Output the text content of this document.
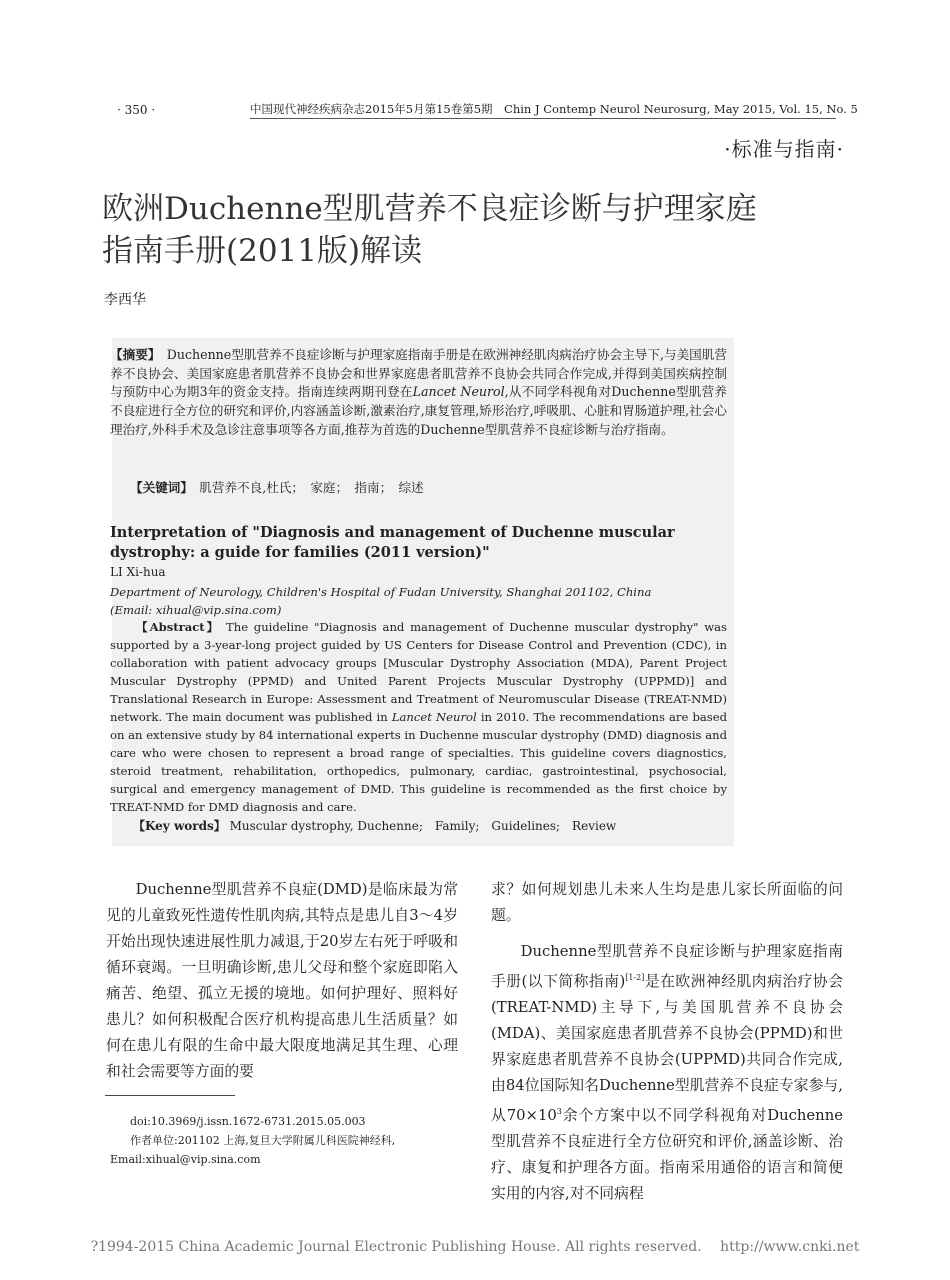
· 350 ·	中国现代神经疾病杂志2015年5月第15卷第5期　Chin J Contemp Neurol Neurosurg, May 2015, Vol. 15, No. 5
·标准与指南·
欧洲Duchenne型肌营养不良症诊断与护理家庭指南手册(2011版)解读
李西华
【摘要】　Duchenne型肌营养不良症诊断与护理家庭指南手册是在欧洲神经肌肉病治疗协会主导下,与美国肌营养不良协会、美国家庭患者肌营养不良协会和世界家庭患者肌营养不良协会共同合作完成,并得到美国疾病控制与预防中心为期3年的资金支持。指南连续两期刊登在Lancet Neurol,从不同学科视角对Duchenne型肌营养不良症进行全方位的研究和评价,内容涵盖诊断,激素治疗,康复管理,矫形治疗,呼吸肌、心脏和胃肠道护理,社会心理治疗,外科手术及急诊注意事项等各方面,推荐为首选的Duchenne型肌营养不良症诊断与治疗指南。
【关键词】　肌营养不良,杜氏；　家庭；　指南；　综述
Interpretation of "Diagnosis and management of Duchenne muscular dystrophy: a guide for families (2011 version)"
LI Xi-hua
Department of Neurology, Children's Hospital of Fudan University, Shanghai 201102, China
(Email: xihual@vip.sina.com)
【Abstract】 The guideline "Diagnosis and management of Duchenne muscular dystrophy" was supported by a 3-year-long project guided by US Centers for Disease Control and Prevention (CDC), in collaboration with patient advocacy groups [Muscular Dystrophy Association (MDA), Parent Project Muscular Dystrophy (PPMD) and United Parent Projects Muscular Dystrophy (UPPMD)] and Translational Research in Europe: Assessment and Treatment of Neuromuscular Disease (TREAT-NMD) network. The main document was published in Lancet Neurol in 2010. The recommendations are based on an extensive study by 84 international experts in Duchenne muscular dystrophy (DMD) diagnosis and care who were chosen to represent a broad range of specialties. This guideline covers diagnostics, steroid treatment, rehabilitation, orthopedics, pulmonary, cardiac, gastrointestinal, psychosocial, surgical and emergency management of DMD. This guideline is recommended as the first choice by TREAT-NMD for DMD diagnosis and care.
【Key words】 Muscular dystrophy, Duchenne;　Family;　Guidelines;　Review
Duchenne型肌营养不良症(DMD)是临床最为常见的儿童致死性遗传性肌肉病,其特点是患儿自3～4岁开始出现快速进展性肌力减退,于20岁左右死于呼吸和循环衰竭。一旦明确诊断,患儿父母和整个家庭即陷入痛苦、绝望、孤立无援的境地。如何护理好、照料好患儿？如何积极配合医疗机构提高患儿生活质量？如何在患儿有限的生命中最大限度地满足其生理、心理和社会需要等方面的要

求？如何规划患儿未来人生均是患儿家长所面临的问题。

Duchenne型肌营养不良症诊断与护理家庭指南手册(以下简称指南)[1-2]是在欧洲神经肌肉病治疗协会(TREAT-NMD)主导下,与美国肌营养不良协会(MDA)、美国家庭患者肌营养不良协会(PPMD)和世界家庭患者肌营养不良协会(UPPMD)共同合作完成,由84位国际知名Duchenne型肌营养不良症专家参与,从$70\times 10^3$余个方案中以不同学科视角对Duchenne型肌营养不良症进行全方位研究和评价,涵盖诊断、治疗、康复和护理各方面。指南采用通俗的语言和简便实用的内容,对不同病程

doi:10.3969/j.issn.1672-6731.2015.05.003
作者单位:201102 上海,复旦大学附属儿科医院神经科,
Email:xihual@vip.sina.com
?1994-2015 China Academic Journal Electronic Publishing House. All rights reserved.　 http://www.cnki.net
